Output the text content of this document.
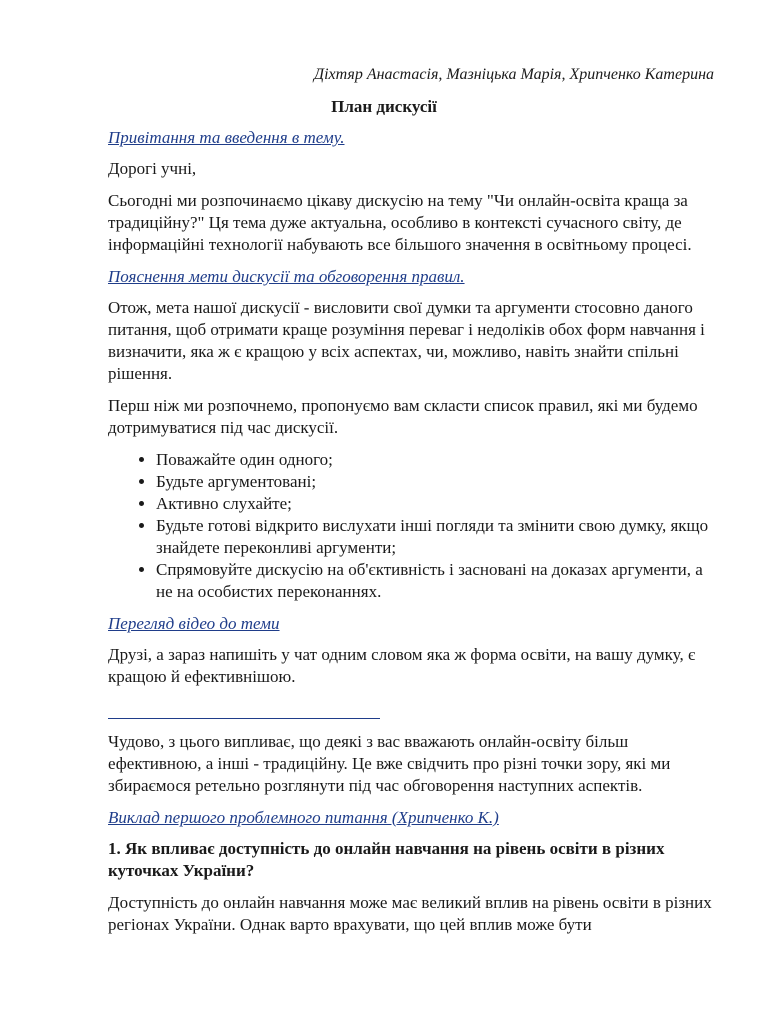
Діхтяр Анастасія, Мазніцька Марія, Хрипченко Катерина
План дискусії
Привітання та введення в тему.

Дорогі учні,

Сьогодні ми розпочинаємо цікаву дискусію на тему "Чи онлайн-освіта краща за традиційну?" Ця тема дуже актуальна, особливо в контексті сучасного світу, де інформаційні технології набувають все більшого значення в освітньому процесі.

Пояснення мети дискусії та обговорення правил.

Отож, мета нашої дискусії - висловити свої думки та аргументи стосовно даного питання, щоб отримати краще розуміння переваг і недоліків обох форм навчання і визначити, яка ж є кращою у всіх аспектах, чи, можливо, навіть знайти спільні рішення.

Перш ніж ми розпочнемо, пропонуємо вам скласти список правил, які ми будемо дотримуватися під час дискусії.

• Поважайте один одного;
• Будьте аргументовані;
• Активно слухайте;
• Будьте готові відкрито вислухати інші погляди та змінити свою думку, якщо знайдете переконливі аргументи;
• Спрямовуйте дискусію на об'єктивність і засновані на доказах аргументи, а не на особистих переконаннях.
Перегляд відео до теми

Друзі, а зараз напишіть у чат одним словом яка ж форма освіти, на вашу думку, є кращою й ефективнішою.

Чудово, з цього випливає, що деякі з вас вважають онлайн-освіту більш ефективною, а інші - традиційну. Це вже свідчить про різні точки зору, які ми збираємося ретельно розглянути під час обговорення наступних аспектів.

Виклад першого проблемного питання (Хрипченко К.)
1. Як впливає доступність до онлайн навчання на рівень освіти в різних куточках України?

Доступність до онлайн навчання може має великий вплив на рівень освіти в різних регіонах України. Однак варто врахувати, що цей вплив може бути
